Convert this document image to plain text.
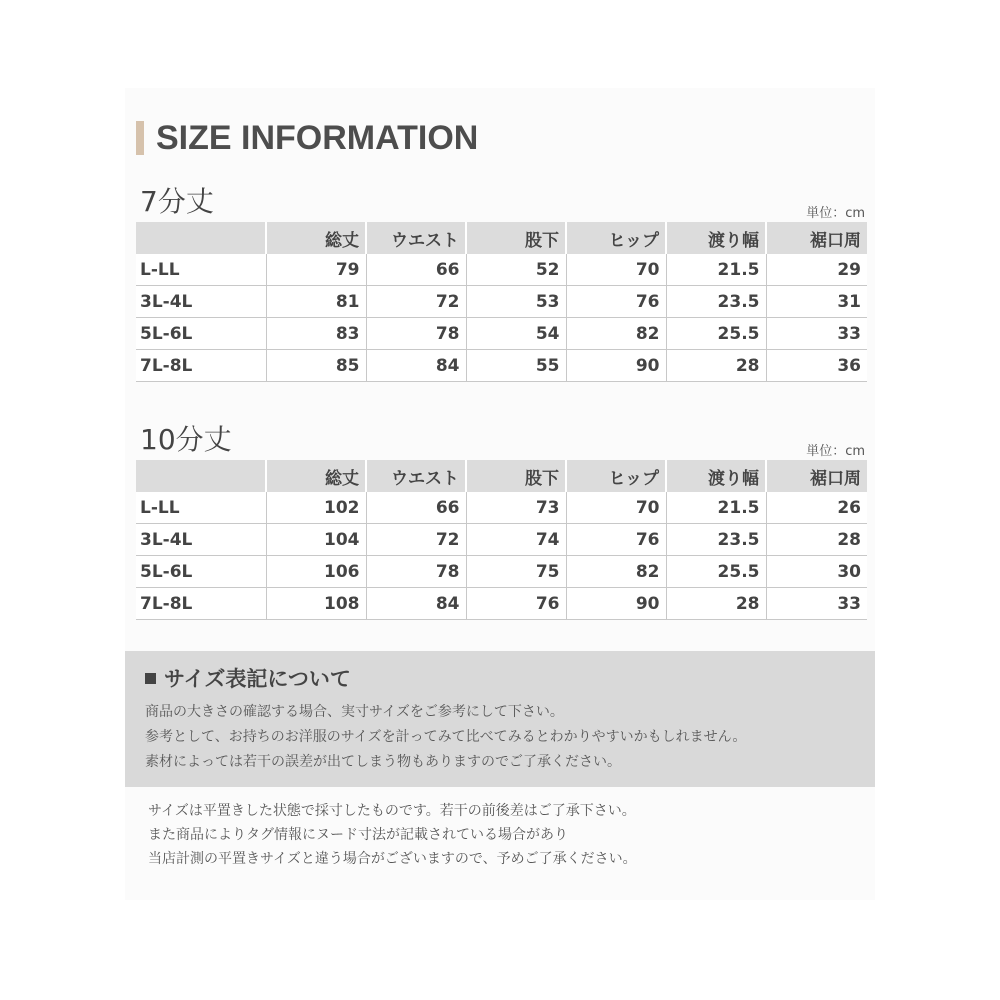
SIZE INFORMATION
7分丈	単位：cm
	総丈	ウエスト	股下	ヒップ	渡り幅	裾口周
L-LL	79	66	52	70	21.5	29
3L-4L	81	72	53	76	23.5	31
5L-6L	83	78	54	82	25.5	33
7L-8L	85	84	55	90	28	36
10分丈	単位：cm
	総丈	ウエスト	股下	ヒップ	渡り幅	裾口周
L-LL	102	66	73	70	21.5	26
3L-4L	104	72	74	76	23.5	28
5L-6L	106	78	75	82	25.5	30
7L-8L	108	84	76	90	28	33
サイズ表記について
商品の大きさの確認する場合、実寸サイズをご参考にして下さい。
参考として、お持ちのお洋服のサイズを計ってみて比べてみるとわかりやすいかもしれません。
素材によっては若干の誤差が出てしまう物もありますのでご了承ください。
サイズは平置きした状態で採寸したものです。若干の前後差はご了承下さい。
また商品によりタグ情報にヌード寸法が記載されている場合があり
当店計測の平置きサイズと違う場合がございますので、予めご了承ください。
